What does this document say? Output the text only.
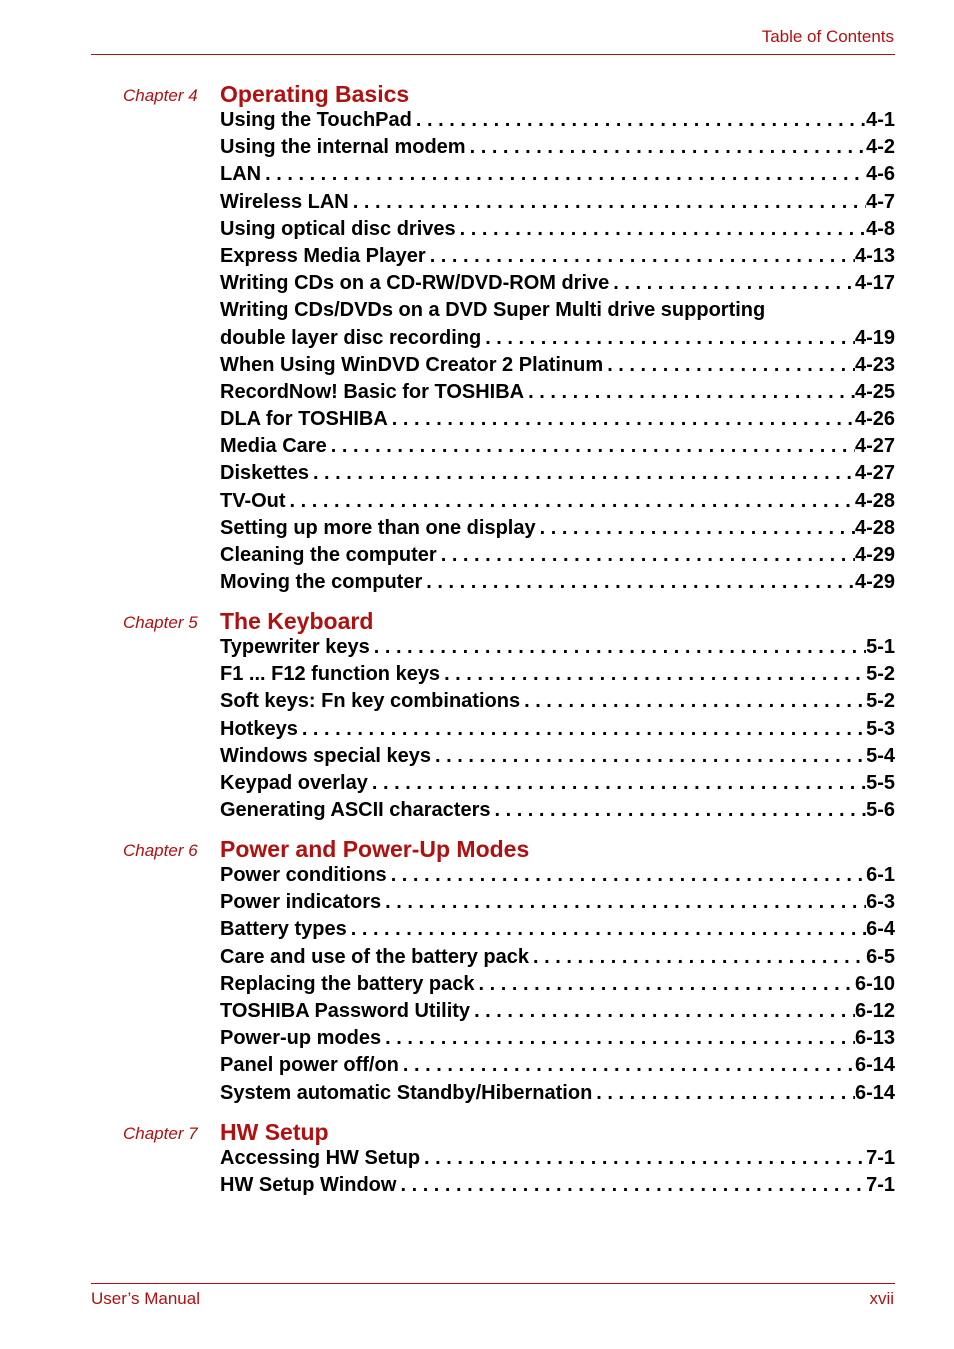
Table of Contents
Chapter 4 Operating Basics
Using the TouchPad . . .	4-1
Using the internal modem . . .	4-2
LAN . . .	4-6
Wireless LAN . . .	4-7
Using optical disc drives . . .	4-8
Express Media Player . . .	4-13
Writing CDs on a CD-RW/DVD-ROM drive . . .	4-17
Writing CDs/DVDs on a DVD Super Multi drive supporting
double layer disc recording . . .	4-19
When Using WinDVD Creator 2 Platinum . . .	4-23
RecordNow! Basic for TOSHIBA . . .	4-25
DLA for TOSHIBA . . .	4-26
Media Care . . .	4-27
Diskettes . . .	4-27
TV-Out . . .	4-28
Setting up more than one display . . .	4-28
Cleaning the computer . . .	4-29
Moving the computer . . .	4-29
Chapter 5 The Keyboard
Typewriter keys . . .	5-1
F1 ... F12 function keys . . .	5-2
Soft keys: Fn key combinations . . .	5-2
Hotkeys . . .	5-3
Windows special keys . . .	5-4
Keypad overlay . . .	5-5
Generating ASCII characters . . .	5-6
Chapter 6 Power and Power-Up Modes
Power conditions . . .	6-1
Power indicators . . .	6-3
Battery types . . .	6-4
Care and use of the battery pack . . .	6-5
Replacing the battery pack . . .	6-10
TOSHIBA Password Utility . . .	6-12
Power-up modes . . .	6-13
Panel power off/on . . .	6-14
System automatic Standby/Hibernation . . .	6-14
Chapter 7 HW Setup
Accessing HW Setup . . .	7-1
HW Setup Window . . .	7-1
User’s Manual	xvii
